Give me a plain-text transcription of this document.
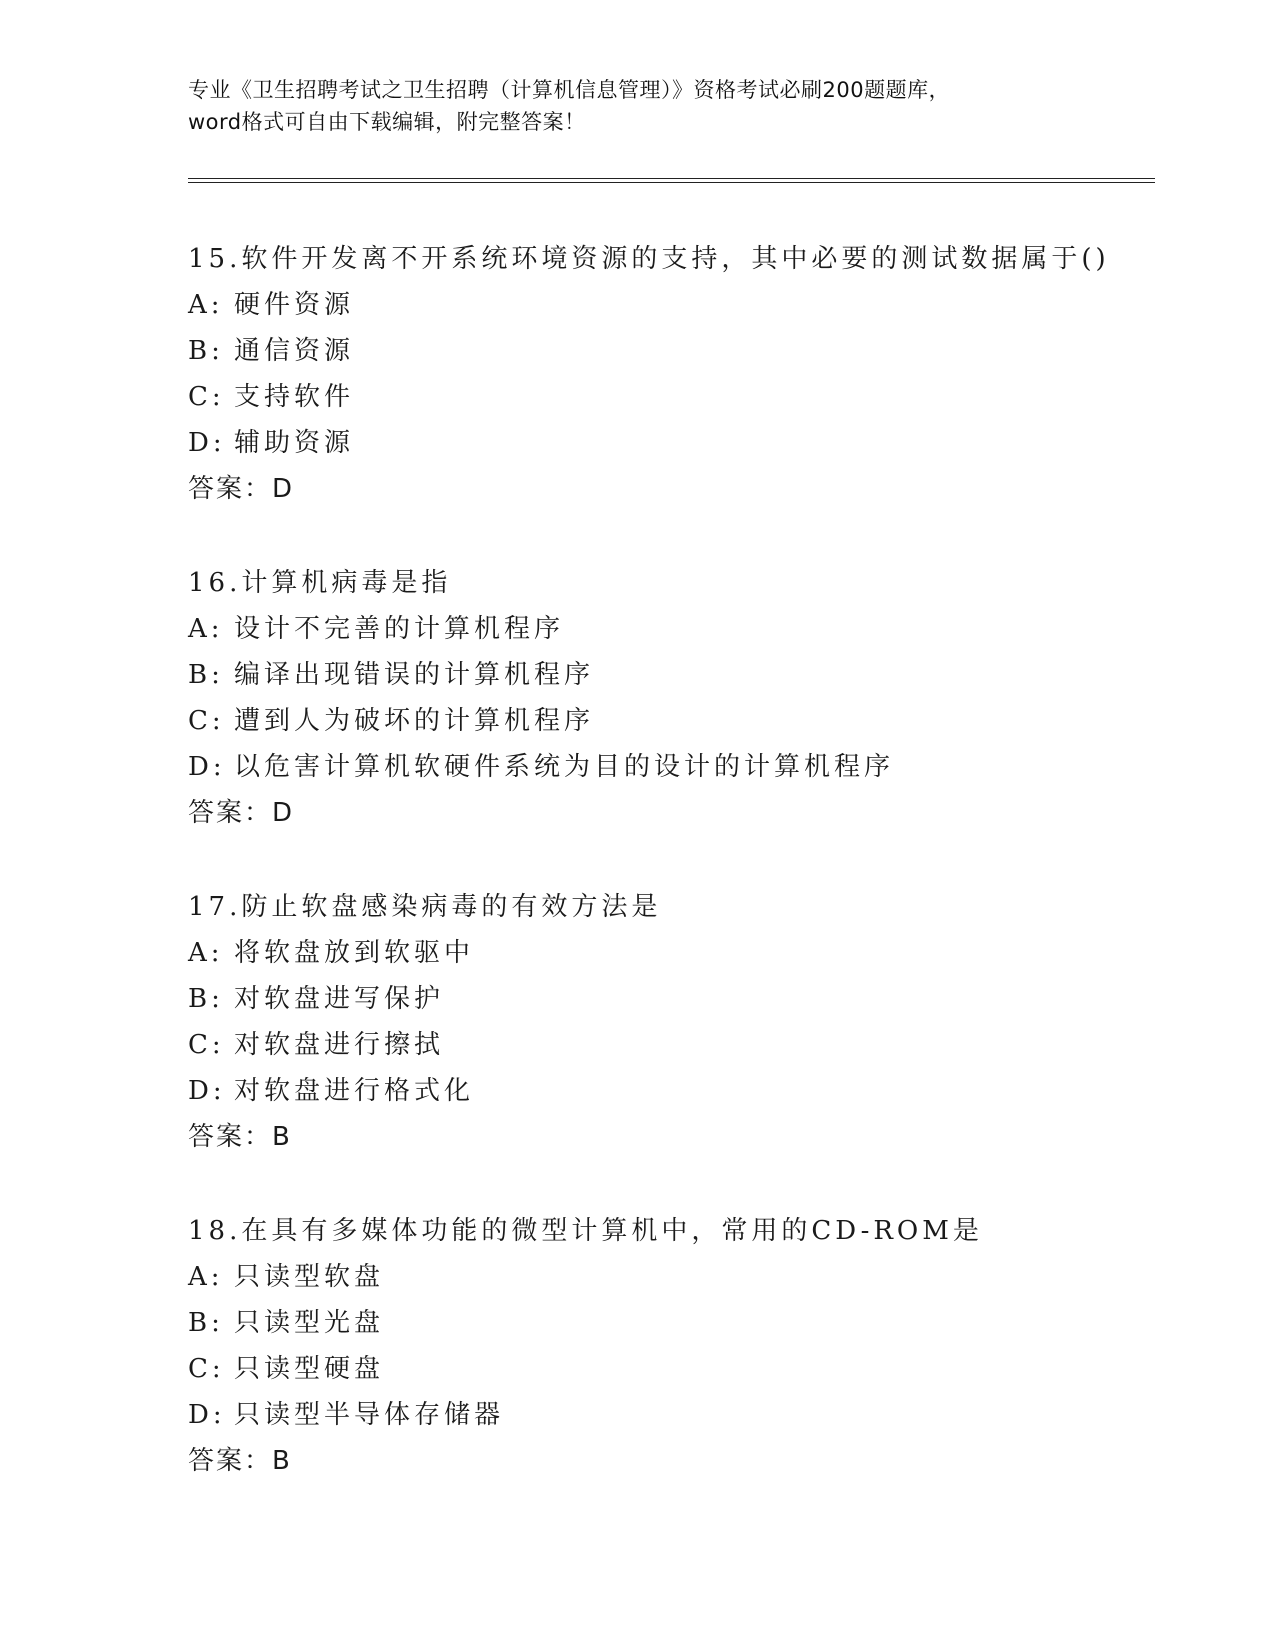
专业《卫生招聘考试之卫生招聘（计算机信息管理）》资格考试必刷200题题库，
word格式可自由下载编辑，附完整答案！
15.软件开发离不开系统环境资源的支持，其中必要的测试数据属于()
A: 硬件资源
B: 通信资源
C: 支持软件
D: 辅助资源
答案：D
16.计算机病毒是指
A: 设计不完善的计算机程序
B: 编译出现错误的计算机程序
C: 遭到人为破坏的计算机程序
D: 以危害计算机软硬件系统为目的设计的计算机程序
答案：D
17.防止软盘感染病毒的有效方法是
A: 将软盘放到软驱中
B: 对软盘进写保护
C: 对软盘进行擦拭
D: 对软盘进行格式化
答案：B
18.在具有多媒体功能的微型计算机中，常用的CD-ROM是
A: 只读型软盘
B: 只读型光盘
C: 只读型硬盘
D: 只读型半导体存储器
答案：B
